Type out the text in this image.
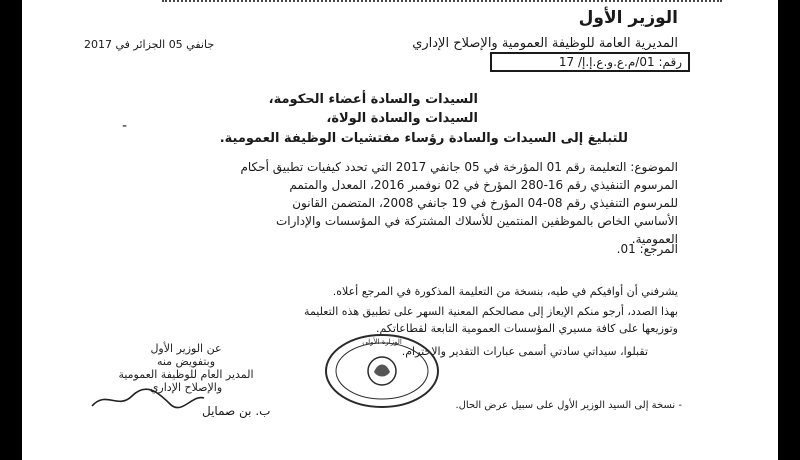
الوزير الأول
المديرية العامة للوظيفة العمومية والإصلاح الإداري
2017 جانفي 05 الجزائر في
رقم: 01/م.ع.و.ع.إ.إ/ 17
السيدات والسادة أعضاء الحكومة،
السيدات والسادة الولاة،
للتبليغ إلى السيدات والسادة رؤساء مفتشيات الوظيفة العمومية.
-
الموضوع: التعليمة رقم 01 المؤرخة في 05 جانفي 2017 التي تحدد كيفيات تطبيق أحكام
المرسوم التنفيذي رقم 16-280 المؤرخ في 02 نوفمبر 2016، المعدل والمتمم
للمرسوم التنفيذي رقم 08-04 المؤرخ في 19 جانفي 2008، المتضمن القانون
الأساسي الخاص بالموظفين المنتمين للأسلاك المشتركة في المؤسسات والإدارات
العمومية.
المرجع: 01.
يشرفني أن أوافيكم في طيه، بنسخة من التعليمة المذكورة في المرجع أعلاه.
بهذا الصدد، أرجو منكم الإيعاز إلى مصالحكم المعنية السهر على تطبيق هذه التعليمة
وتوزيعها على كافة مسيري المؤسسات العمومية التابعة لقطاعاتكم.
تقبلوا، سيداتي سادتي أسمى عبارات التقدير والاحترام.
عن الوزير الأول
وبتفويض منه
المدير العام للوظيفة العمومية
والإصلاح الإداري
ب. بن صمايل
الوزارة الأولى
- نسخة إلى السيد الوزير الأول على سبيل عرض الحال.
